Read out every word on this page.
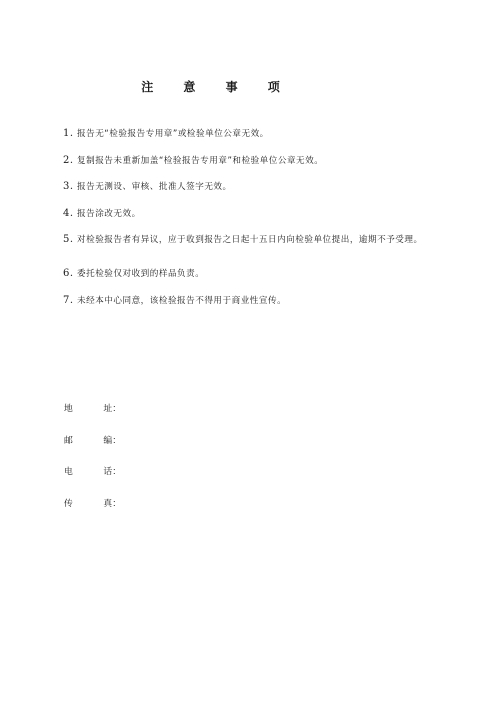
注 意 事 项
1. 报告无“检验报告专用章”或检验单位公章无效。
2. 复制报告未重新加盖“检验报告专用章”和检验单位公章无效。
3. 报告无测设、审核、批准人签字无效。
4. 报告涂改无效。
5. 对检验报告者有异议，应于收到报告之日起十五日内向检验单位提出，逾期不予受理。
6. 委托检验仅对收到的样品负责。
7. 未经本中心同意，该检验报告不得用于商业性宣传。
地	址：
邮	编：
电	话：
传	真：
